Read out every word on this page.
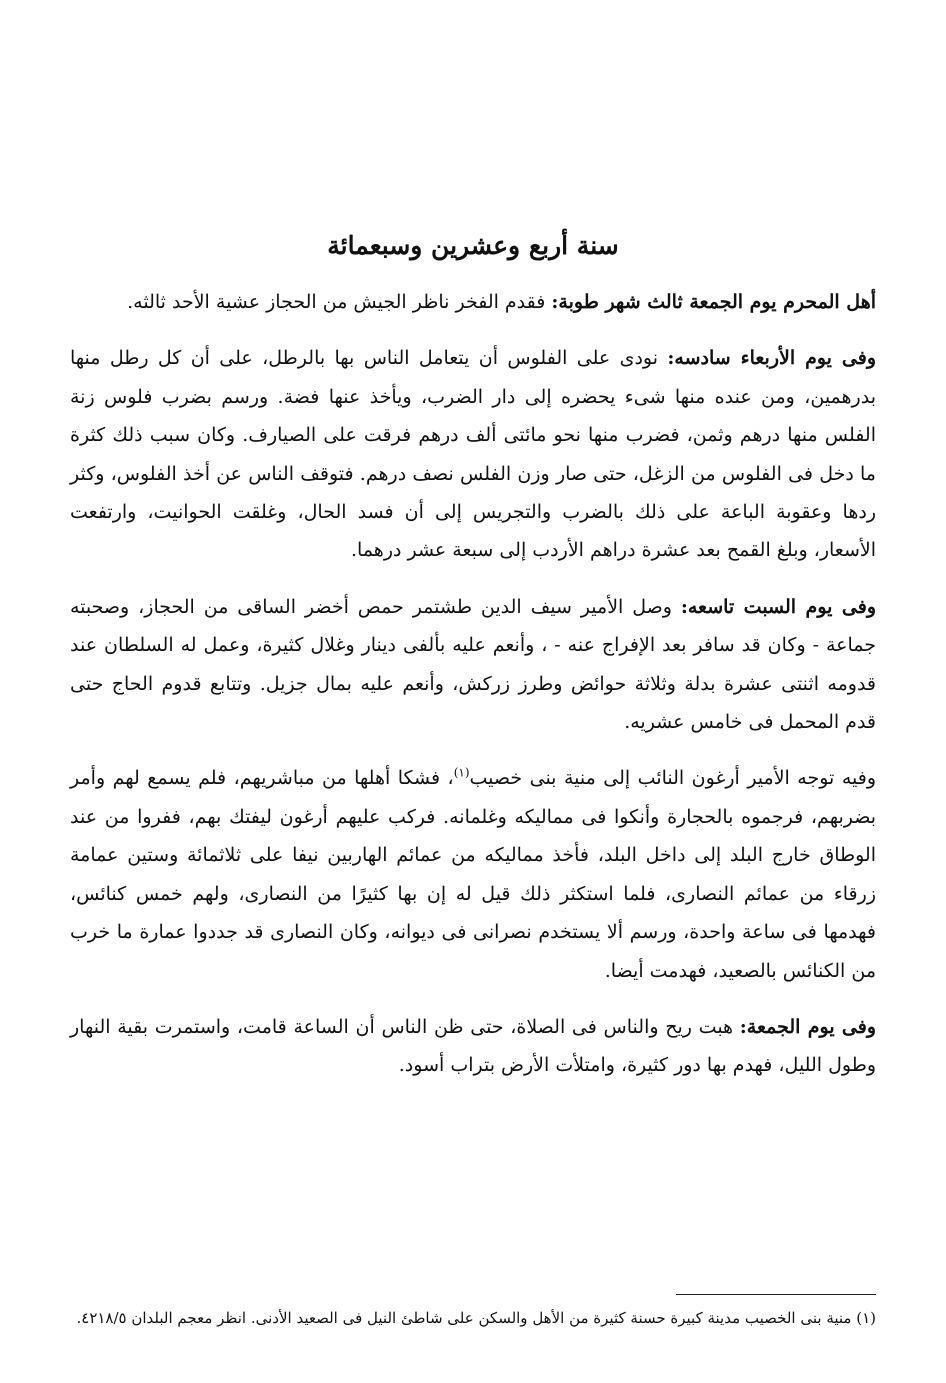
سنة أربع وعشرين وسبعمائة

أهل المحرم يوم الجمعة ثالث شهر طوبة: فقدم الفخر ناظر الجيش من الحجاز عشية الأحد ثالثه.

وفى يوم الأربعاء سادسه: نودى على الفلوس أن يتعامل الناس بها بالرطل، على أن كل رطل منها بدرهمين، ومن عنده منها شىء يحضره إلى دار الضرب، ويأخذ عنها فضة. ورسم بضرب فلوس زنة الفلس منها درهم وثمن، فضرب منها نحو مائتى ألف درهم فرقت على الصيارف. وكان سبب ذلك كثرة ما دخل فى الفلوس من الزغل، حتى صار وزن الفلس نصف درهم. فتوقف الناس عن أخذ الفلوس، وكثر ردها وعقوبة الباعة على ذلك بالضرب والتجريس إلى أن فسد الحال، وغلقت الحوانيت، وارتفعت الأسعار، وبلغ القمح بعد عشرة دراهم الأردب إلى سبعة عشر درهما.

وفى يوم السبت تاسعه: وصل الأمير سيف الدين طشتمر حمص أخضر الساقى من الحجاز، وصحبته جماعة - وكان قد سافر بعد الإفراج عنه - ، وأنعم عليه بألفى دينار وغلال كثيرة، وعمل له السلطان عند قدومه اثنتى عشرة بدلة وثلاثة حوائض وطرز زركش، وأنعم عليه بمال جزيل. وتتابع قدوم الحاج حتى قدم المحمل فى خامس عشريه.

وفيه توجه الأمير أرغون النائب إلى منية بنى خصيب$^{(١)}$، فشكا أهلها من مباشريهم، فلم يسمع لهم وأمر بضربهم، فرجموه بالحجارة وأنكوا فى مماليكه وغلمانه. فركب عليهم أرغون ليفتك بهم، ففروا من عند الوطاق خارج البلد إلى داخل البلد، فأخذ مماليكه من عمائم الهاربين نيفا على ثلاثمائة وستين عمامة زرقاء من عمائم النصارى، فلما استكثر ذلك قيل له إن بها كثيرًا من النصارى، ولهم خمس كنائس، فهدمها فى ساعة واحدة، ورسم ألا يستخدم نصرانى فى ديوانه، وكان النصارى قد جددوا عمارة ما خرب من الكنائس بالصعيد، فهدمت أيضا.

وفى يوم الجمعة: هبت ريح والناس فى الصلاة، حتى ظن الناس أن الساعة قامت، واستمرت بقية النهار وطول الليل، فهدم بها دور كثيرة، وامتلأت الأرض بتراب أسود.

(١) منية بنى الخصيب مدينة كبيرة حسنة كثيرة من الأهل والسكن على شاطئ النيل فى الصعيد الأدنى. انظر معجم البلدان ٤٢١٨/٥.
